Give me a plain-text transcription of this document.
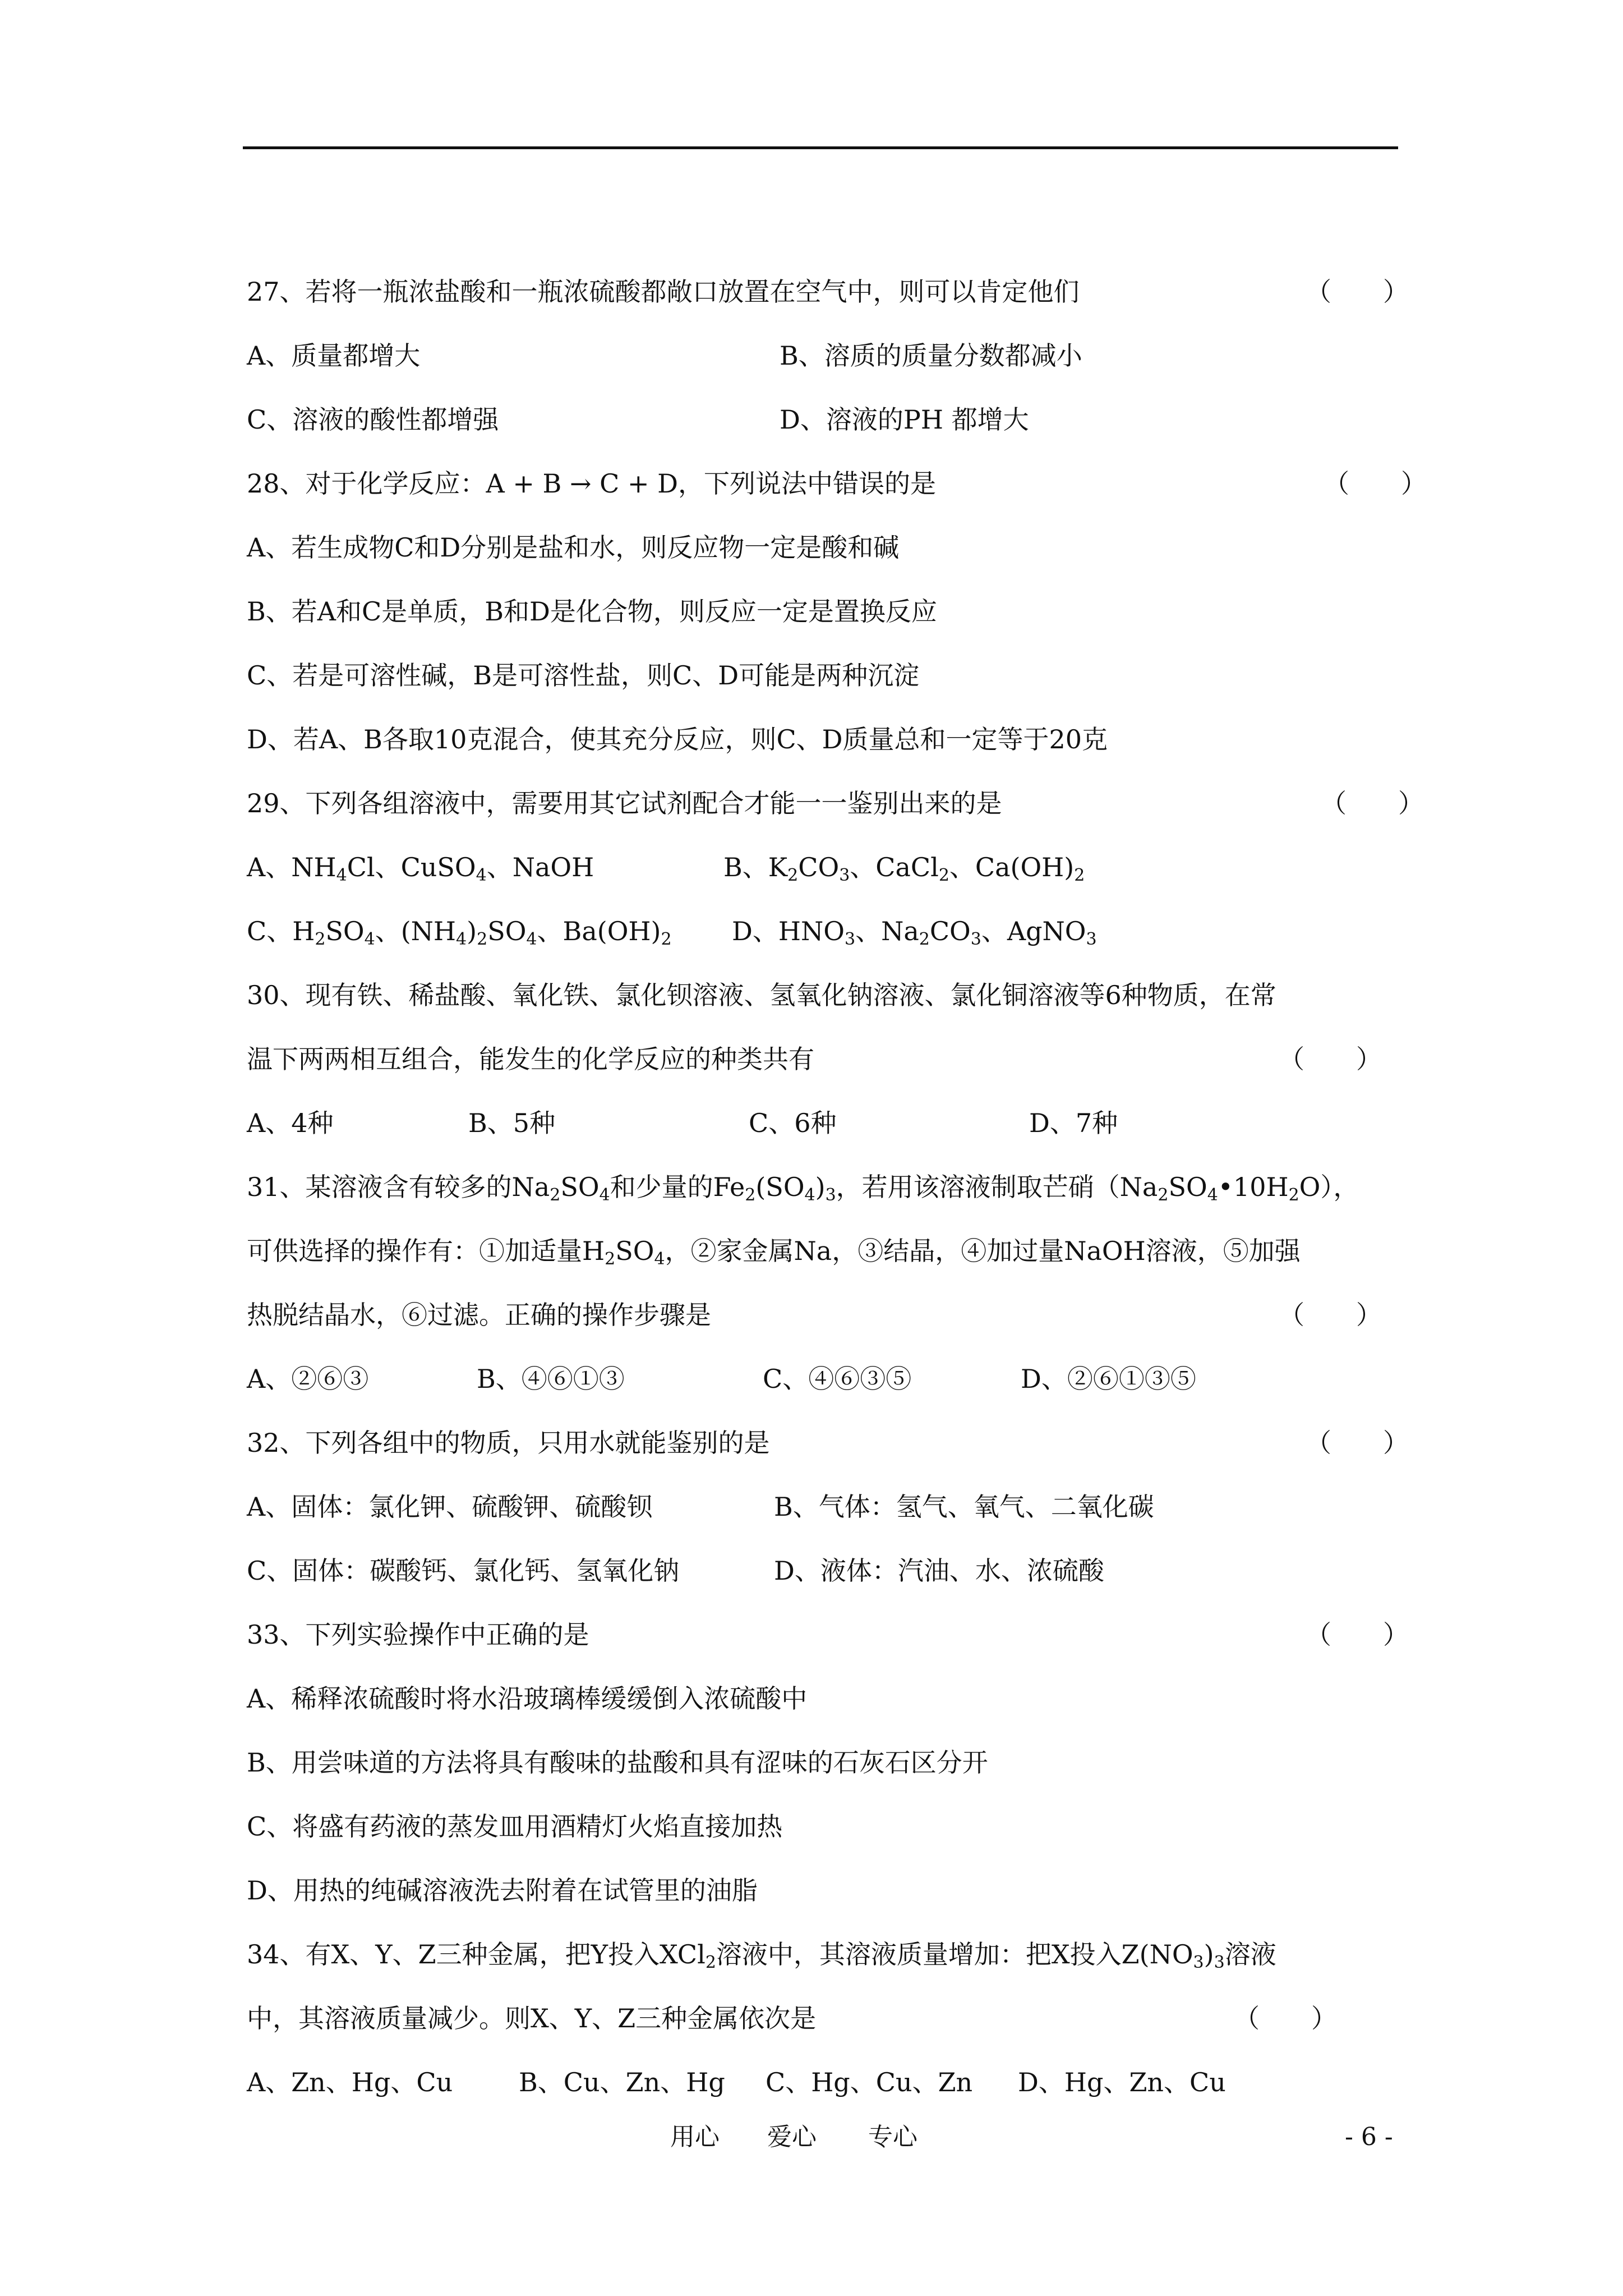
27、若将一瓶浓盐酸和一瓶浓硫酸都敞口放置在空气中，则可以肯定他们	（　　）
A、质量都增大	B、溶质的质量分数都减小
C、溶液的酸性都增强	D、溶液的PH 都增大
28、对于化学反应：A + B → C + D，下列说法中错误的是	（　　）
A、若生成物C和D分别是盐和水，则反应物一定是酸和碱
B、若A和C是单质，B和D是化合物，则反应一定是置换反应
C、若是可溶性碱，B是可溶性盐，则C、D可能是两种沉淀
D、若A、B各取10克混合，使其充分反应，则C、D质量总和一定等于20克
29、下列各组溶液中，需要用其它试剂配合才能一一鉴别出来的是	（　　）
A、$NH_4Cl$、CuSO$_4$、NaOH	B、$K_2CO_3$、CaCl$_2$、$Ca(OH)_2$
C、$H_2SO_4$、$(NH_4)_2SO_4$、$Ba(OH)_2$ D、$HNO_3$、$Na_2CO_3$、AgNO$_3$
30、现有铁、稀盐酸、氧化铁、氯化钡溶液、氢氧化钠溶液、氯化铜溶液等6种物质，在常
温下两两相互组合，能发生的化学反应的种类共有	（　　）
A、4种	B、5种	C、6种	D、7种
31、某溶液含有较多的$Na_2SO_4$和少量的$Fe_2(SO_4)_3$，若用该溶液制取芒硝$(Na_2SO_4•10H_2O)$，
可供选择的操作有：①加适量$H_2SO_4$，②家金属Na，③结晶，④加过量NaOH溶液，⑤加强
热脱结晶水，⑥过滤。正确的操作步骤是	（　　）
A、②⑥③	B、④⑥①③	C、④⑥③⑤	D、②⑥①③⑤
32、下列各组中的物质，只用水就能鉴别的是	（　　）
A、固体：氯化钾、硫酸钾、硫酸钡	B、气体：氢气、氧气、二氧化碳
C、固体：碳酸钙、氯化钙、氢氧化钠	D、液体：汽油、水、浓硫酸
33、下列实验操作中正确的是	（　　）
A、稀释浓硫酸时将水沿玻璃棒缓缓倒入浓硫酸中
B、用尝味道的方法将具有酸味的盐酸和具有涩味的石灰石区分开
C、将盛有药液的蒸发皿用酒精灯火焰直接加热
D、用热的纯碱溶液洗去附着在试管里的油脂
34、有X、Y、Z三种金属，把Y投入XCl$_2$溶液中，其溶液质量增加：把X投入$Z(NO_3)_3$溶液
中，其溶液质量减少。则X、Y、Z三种金属依次是	（　　）
A、Zn、Hg、Cu	B、Cu、Zn、Hg C、Hg、Cu、Zn D、Hg、Zn、Cu
用心 爱心 专心	- 6 -
